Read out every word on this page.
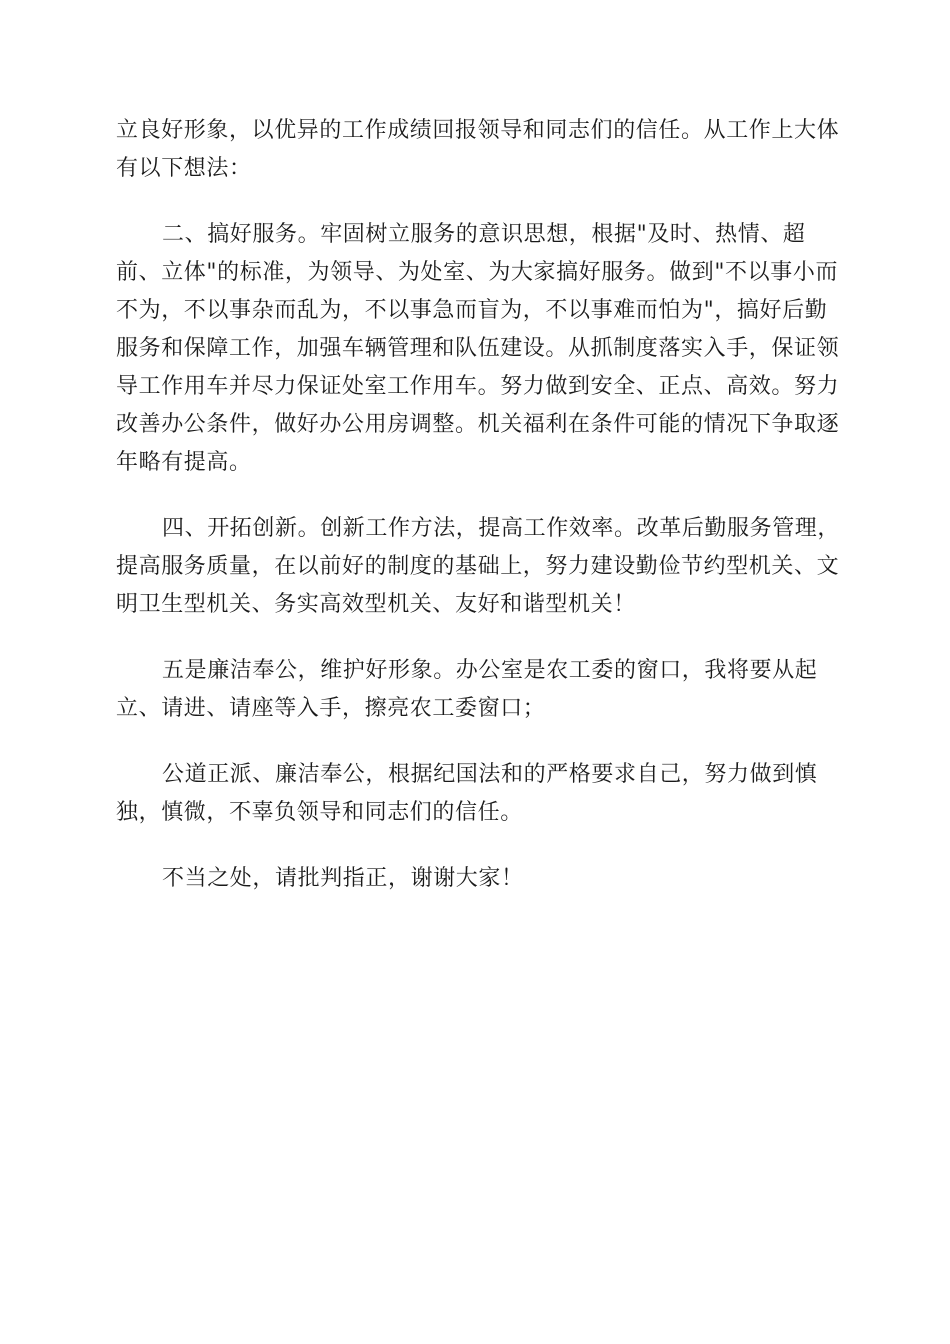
立良好形象，以优异的工作成绩回报领导和同志们的信任。从工作上大体
有以下想法：
二、搞好服务。牢固树立服务的意识思想，根据"及时、热情、超
前、立体"的标准，为领导、为处室、为大家搞好服务。做到"不以事小而
不为，不以事杂而乱为，不以事急而盲为，不以事难而怕为"，搞好后勤
服务和保障工作，加强车辆管理和队伍建设。从抓制度落实入手，保证领
导工作用车并尽力保证处室工作用车。努力做到安全、正点、高效。努力
改善办公条件，做好办公用房调整。机关福利在条件可能的情况下争取逐
年略有提高。
四、开拓创新。创新工作方法，提高工作效率。改革后勤服务管理，
提高服务质量，在以前好的制度的基础上，努力建设勤俭节约型机关、文
明卫生型机关、务实高效型机关、友好和谐型机关！
五是廉洁奉公，维护好形象。办公室是农工委的窗口，我将要从起
立、请进、请座等入手，擦亮农工委窗口；
公道正派、廉洁奉公，根据纪国法和的严格要求自己，努力做到慎
独，慎微，不辜负领导和同志们的信任。
不当之处，请批判指正，谢谢大家！
